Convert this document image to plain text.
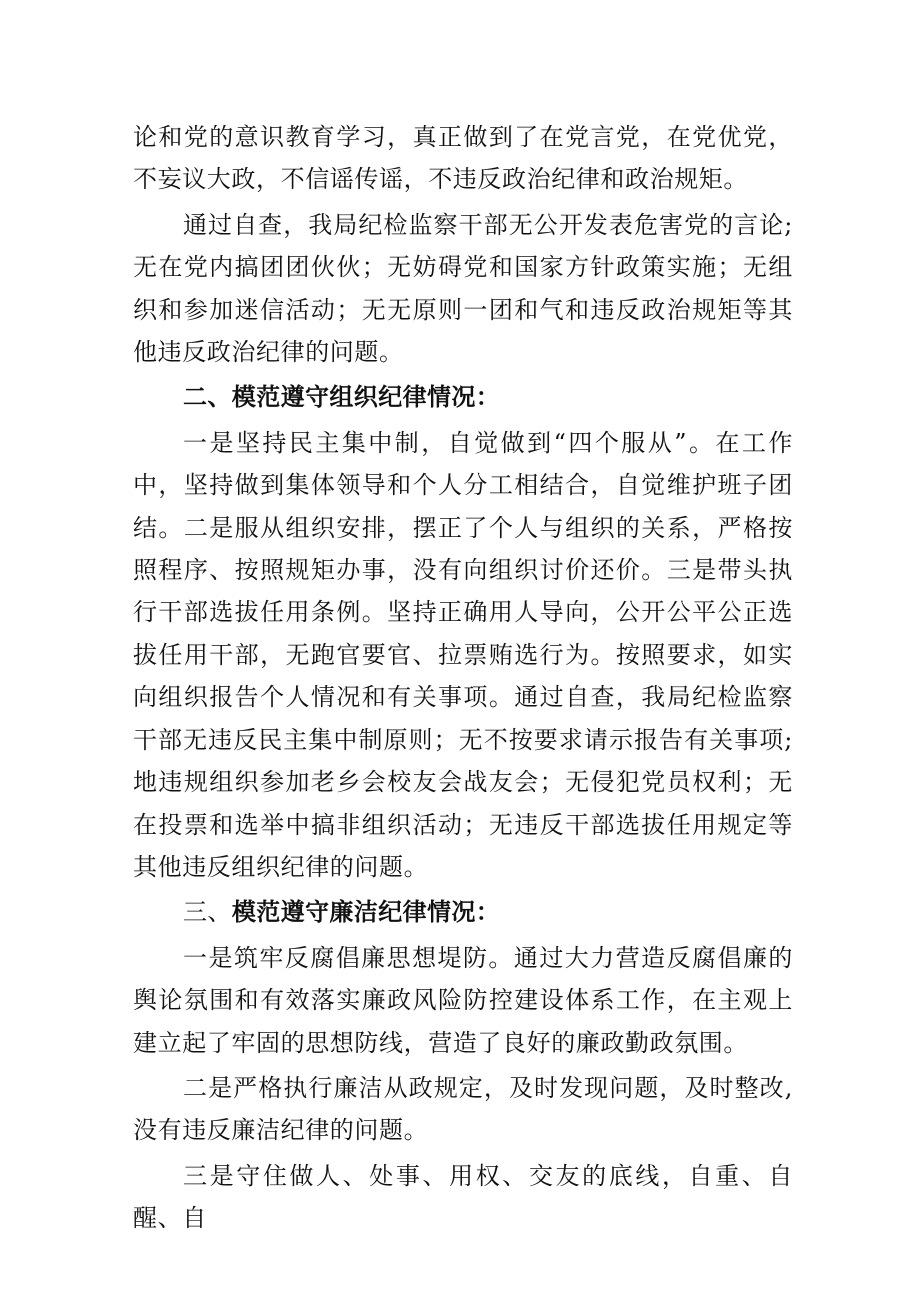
论和党的意识教育学习，真正做到了在党言党，在党优党，不妄议大政，不信谣传谣，不违反政治纪律和政治规矩。

通过自查，我局纪检监察干部无公开发表危害党的言论;无在党内搞团团伙伙；无妨碍党和国家方针政策实施；无组织和参加迷信活动；无无原则一团和气和违反政治规矩等其他违反政治纪律的问题。

二、模范遵守组织纪律情况：

一是坚持民主集中制，自觉做到“四个服从”。在工作中，坚持做到集体领导和个人分工相结合，自觉维护班子团结。二是服从组织安排，摆正了个人与组织的关系，严格按照程序、按照规矩办事，没有向组织讨价还价。三是带头执行干部选拔任用条例。坚持正确用人导向，公开公平公正选拔任用干部，无跑官要官、拉票贿选行为。按照要求，如实向组织报告个人情况和有关事项。通过自查，我局纪检监察干部无违反民主集中制原则；无不按要求请示报告有关事项;地违规组织参加老乡会校友会战友会；无侵犯党员权利；无在投票和选举中搞非组织活动；无违反干部选拔任用规定等其他违反组织纪律的问题。

三、模范遵守廉洁纪律情况：

一是筑牢反腐倡廉思想堤防。通过大力营造反腐倡廉的舆论氛围和有效落实廉政风险防控建设体系工作，在主观上建立起了牢固的思想防线，营造了良好的廉政勤政氛围。

二是严格执行廉洁从政规定，及时发现问题，及时整改,没有违反廉洁纪律的问题。

三是守住做人、处事、用权、交友的底线，自重、自醒、自
